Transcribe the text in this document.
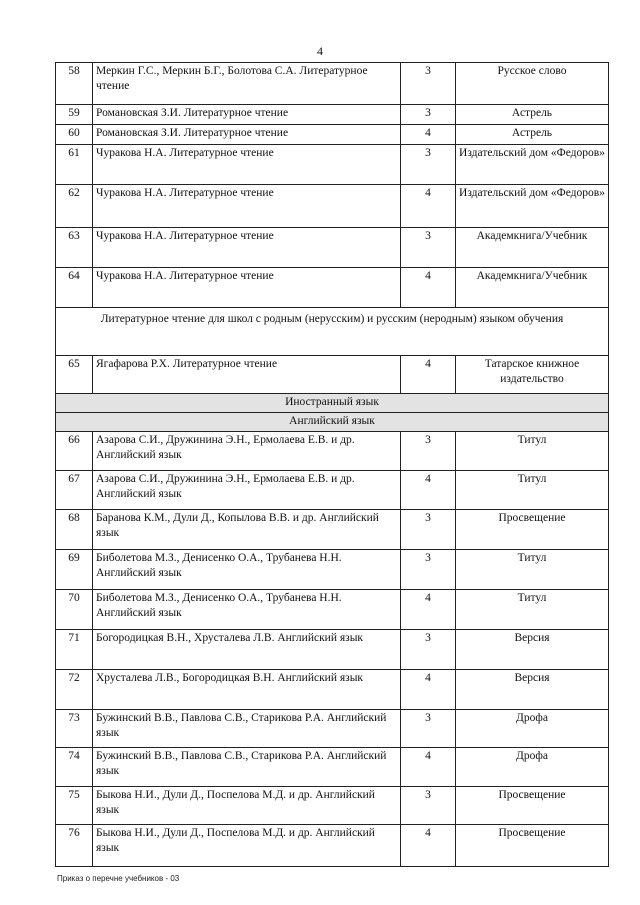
4
58	Меркин Г.С., Меркин Б.Г., Болотова С.А. Литературное чтение	3	Русское слово
59	Романовская З.И. Литературное чтение	3	Астрель
60	Романовская З.И. Литературное чтение	4	Астрель
61	Чуракова Н.А. Литературное чтение	3	Издательский дом «Федоров»
62	Чуракова Н.А. Литературное чтение	4	Издательский дом «Федоров»
63	Чуракова Н.А. Литературное чтение	3	Академкнига/Учебник
64	Чуракова Н.А. Литературное чтение	4	Академкнига/Учебник
Литературное чтение для школ с родным (нерусским) и русским (неродным) языком обучения			
65	Ягафарова Р.Х. Литературное чтение	4	Татарское книжное издательство
Иностранный язык			
Английский язык			
66	Азарова С.И., Дружинина Э.Н., Ермолаева Е.В. и др. Английский язык	3	Титул
67	Азарова С.И., Дружинина Э.Н., Ермолаева Е.В. и др. Английский язык	4	Титул
68	Баранова К.М., Дули Д., Копылова В.В. и др. Английский язык	3	Просвещение
69	Биболетова М.З., Денисенко О.А., Трубанева Н.Н. Английский язык	3	Титул
70	Биболетова М.З., Денисенко О.А., Трубанева Н.Н. Английский язык	4	Титул
71	Богородицкая В.Н., Хрусталева Л.В. Английский язык	3	Версия
72	Хрусталева Л.В., Богородицкая В.Н. Английский язык	4	Версия
73	Бужинский В.В., Павлова С.В., Старикова Р.А. Английский язык	3	Дрофа
74	Бужинский В.В., Павлова С.В., Старикова Р.А. Английский язык	4	Дрофа
75	Быкова Н.И., Дули Д., Поспелова М.Д. и др. Английский язык	3	Просвещение
76	Быкова Н.И., Дули Д., Поспелова М.Д. и др. Английский язык	4	Просвещение
Приказ о перечне учебников - 03
